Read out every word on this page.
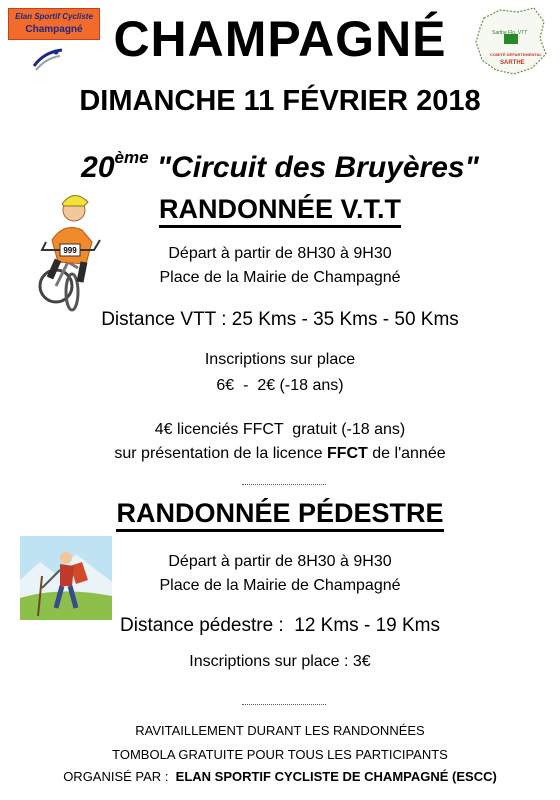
Elan Sportif Cycliste
Champagné	Sarthe Flo. VTT
COMITÉ DÉPARTEMENTAL
SARTHE
CHAMPAGNÉ
DIMANCHE 11 FÉVRIER 2018
20ème "Circuit des Bruyères"
999
RANDONNÉE V.T.T
Départ à partir de 8H30 à 9H30
Place de la Mairie de Champagné
Distance VTT : 25 Kms - 35 Kms - 50 Kms
Inscriptions sur place
6€  -  2€ (-18 ans)
4€ licenciés FFCT  gratuit (-18 ans)
sur présentation de la licence FFCT de l'année
RANDONNÉE PÉDESTRE
Départ à partir de 8H30 à 9H30
Place de la Mairie de Champagné
Distance pédestre :  12 Kms - 19 Kms
Inscriptions sur place : 3€
RAVITAILLEMENT DURANT LES RANDONNÉES
TOMBOLA GRATUITE POUR TOUS LES PARTICIPANTS
ORGANISÉ PAR :  ELAN SPORTIF CYCLISTE DE CHAMPAGNÉ (ESCC)
